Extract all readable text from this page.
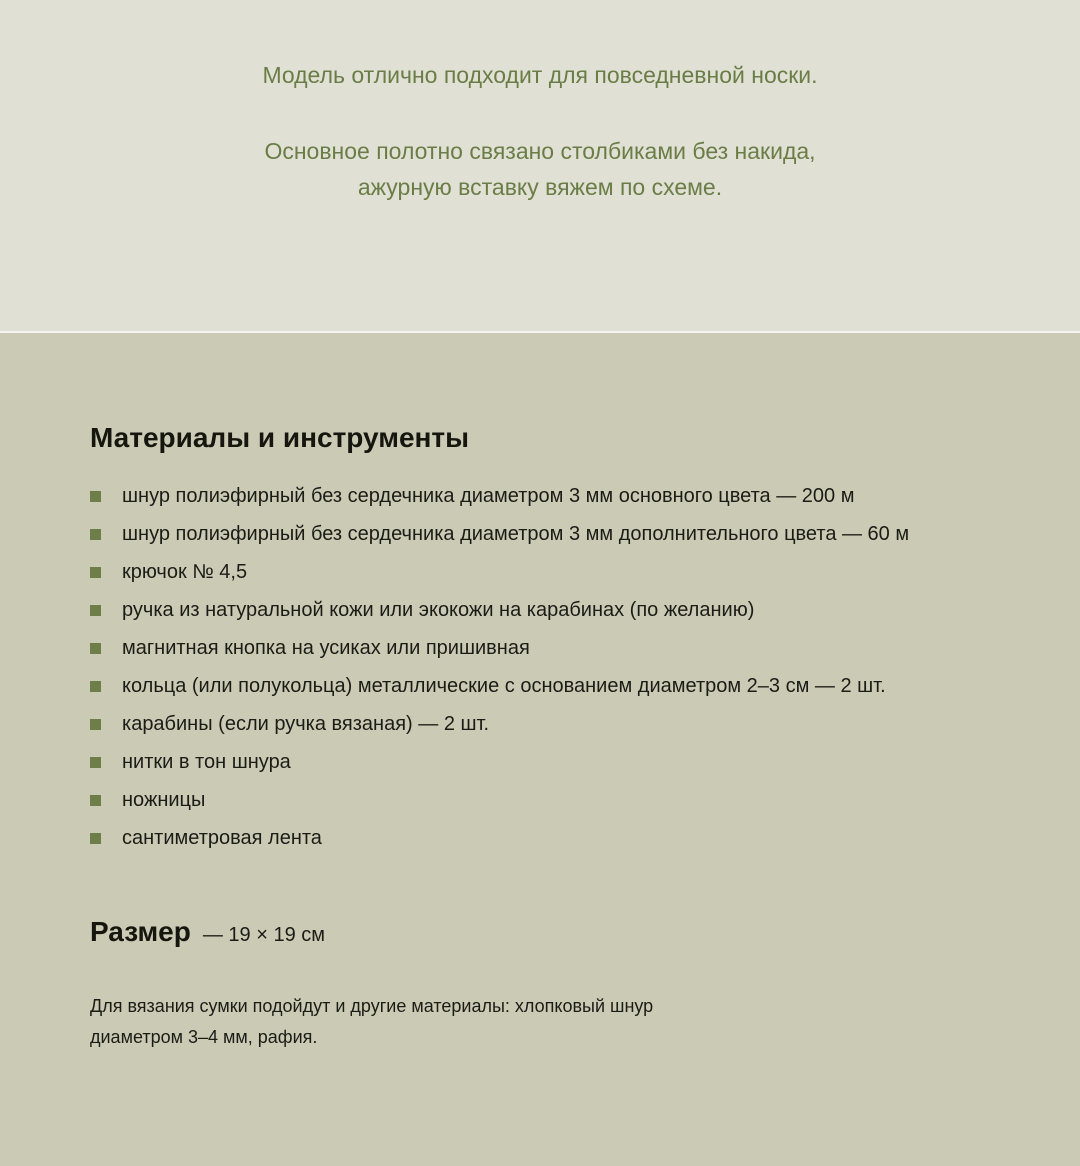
Модель отлично подходит для повседневной носки.

Основное полотно связано столбиками без накида,
ажурную вставку вяжем по схеме.

Материалы и инструменты
шнур полиэфирный без сердечника диаметром 3 мм основного цвета — 200 м
шнур полиэфирный без сердечника диаметром 3 мм дополнительного цвета — 60 м
крючок № 4,5
ручка из натуральной кожи или экокожи на карабинах (по желанию)
магнитная кнопка на усиках или пришивная
кольца (или полукольца) металлические с основанием диаметром 2–3 см — 2 шт.
карабины (если ручка вязаная) — 2 шт.
нитки в тон шнура
ножницы
сантиметровая лента
Размер — 19 × 19 см
Для вязания сумки подойдут и другие материалы: хлопковый шнур диаметром 3–4 мм, рафия.
